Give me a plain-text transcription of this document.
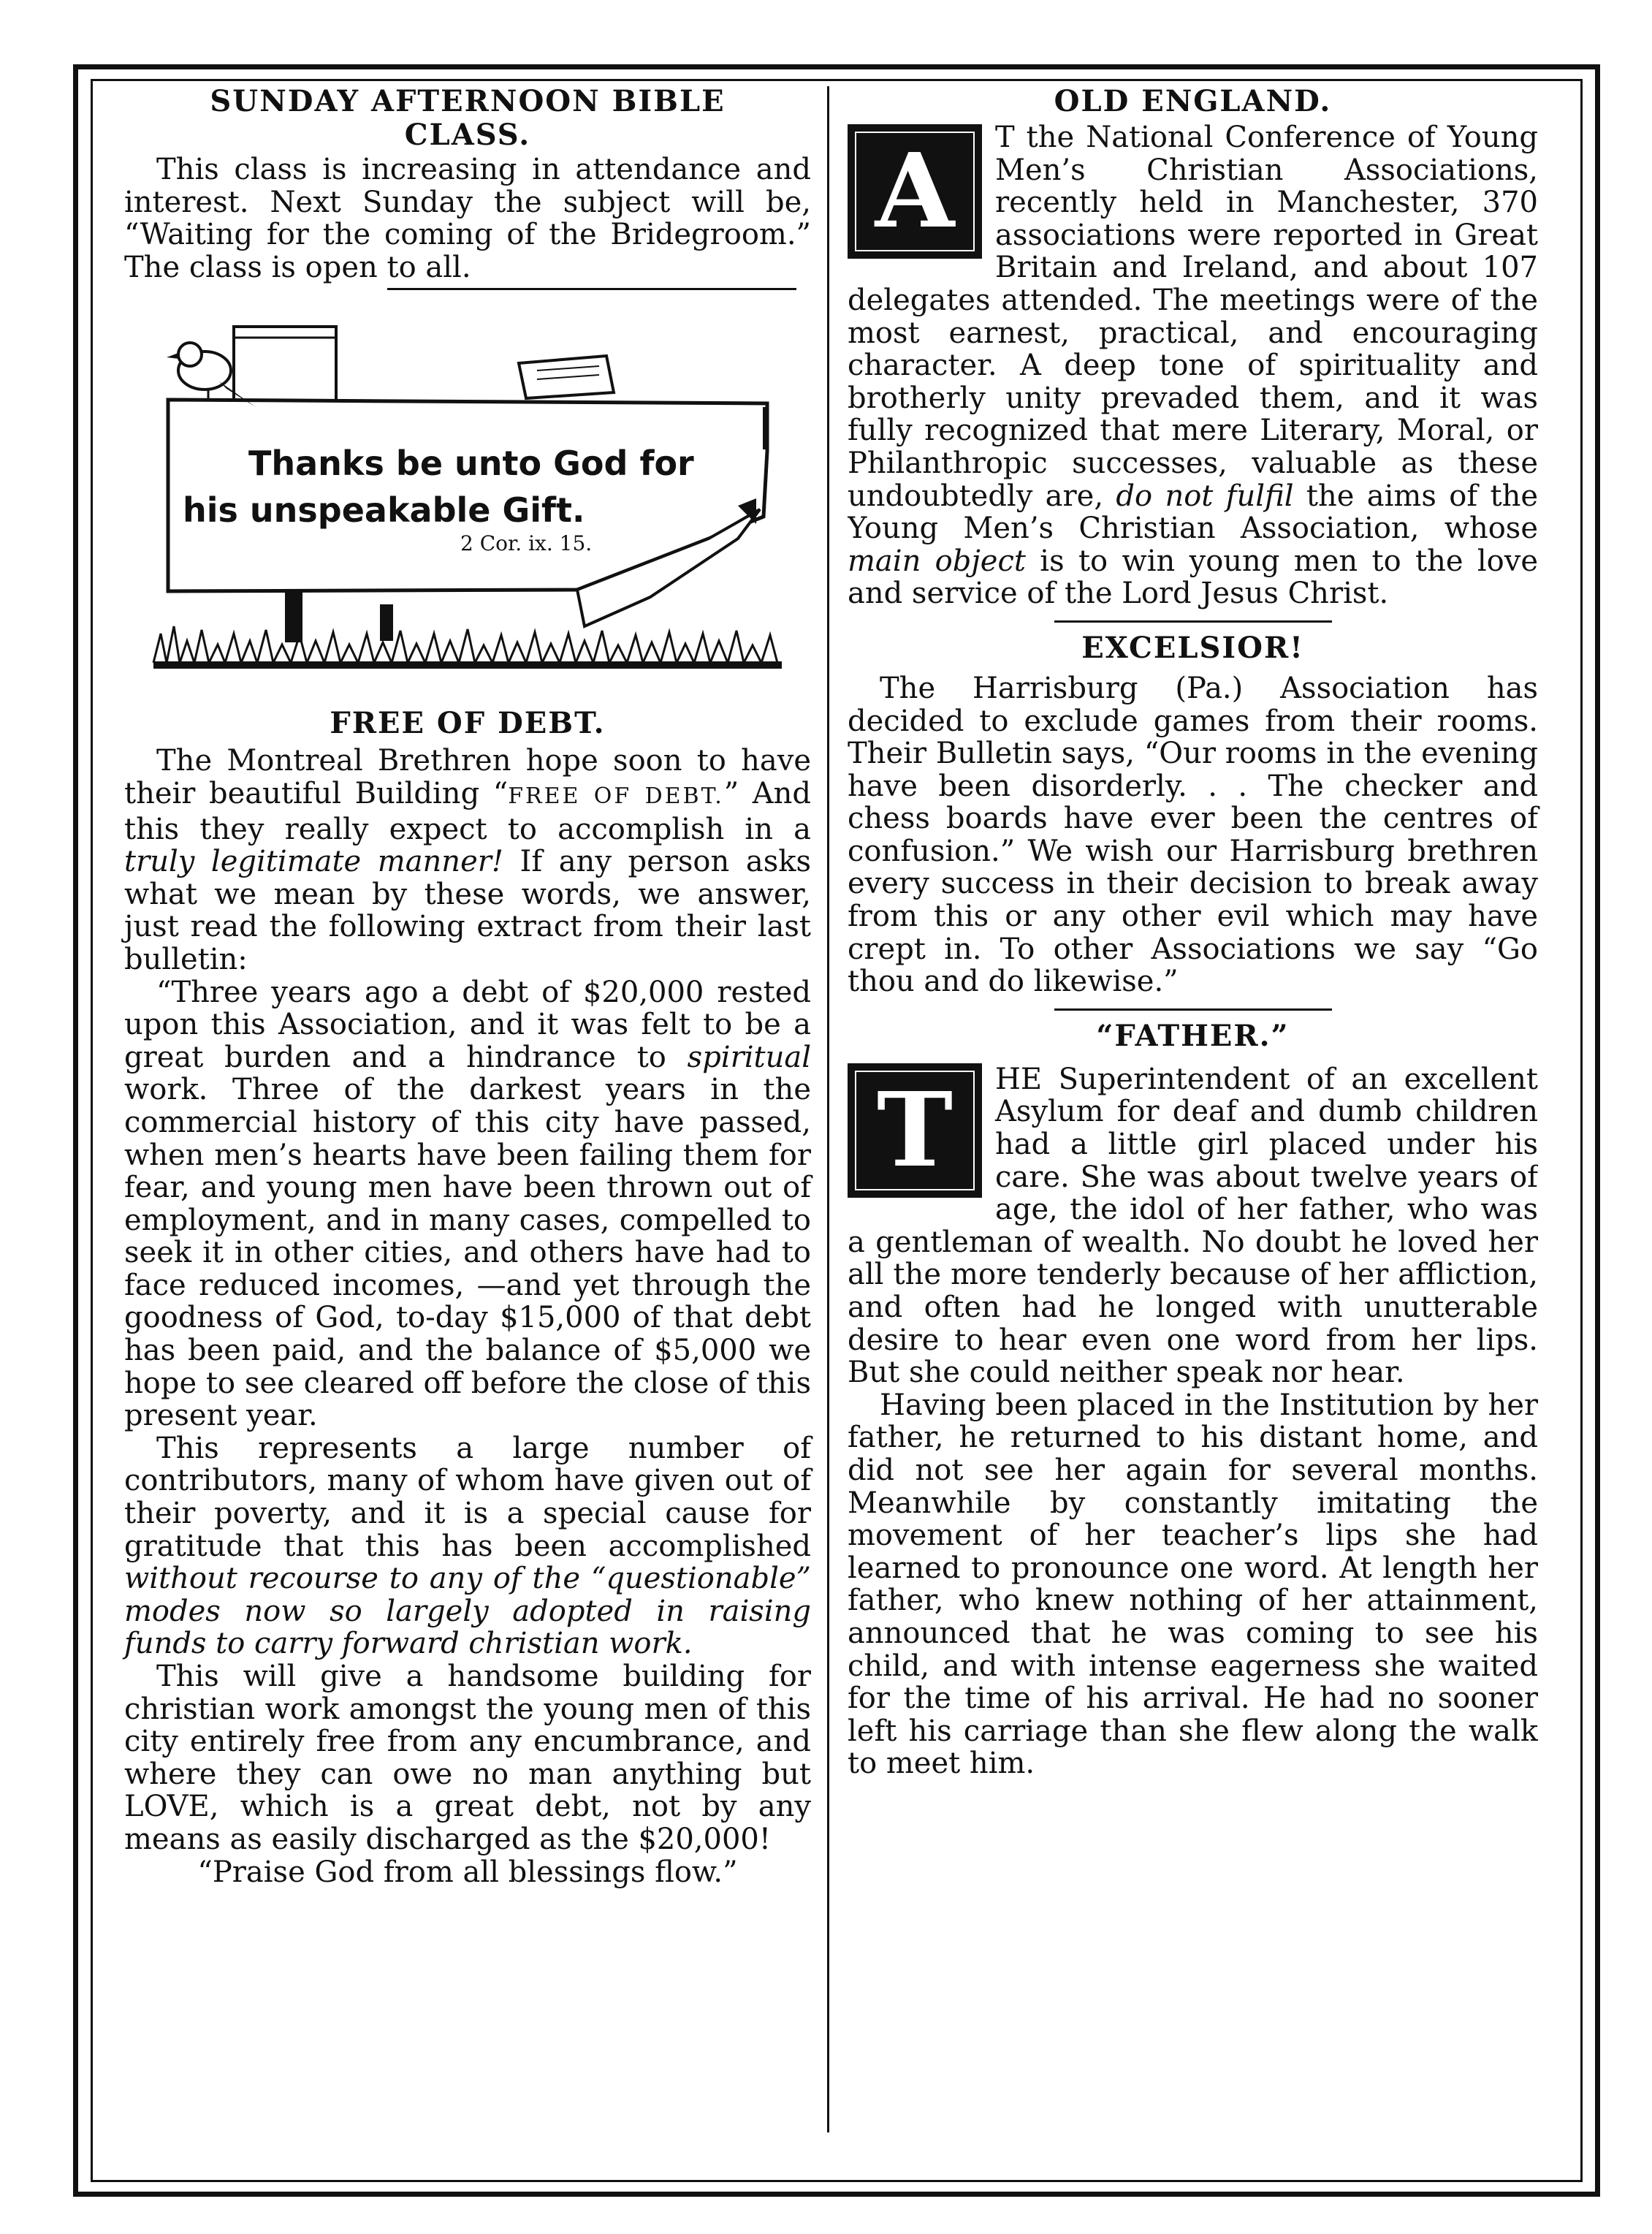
SUNDAY AFTERNOON BIBLE CLASS.

This class is increasing in attendance and interest. Next Sunday the subject will be, “Waiting for the coming of the Bridegroom.” The class is open to all.

Thanks be unto God for
his unspeakable Gift.
2 Cor. ix. 15.
FREE OF DEBT.

The Montreal Brethren hope soon to have their beautiful Building “FREE OF DEBT.” And this they really expect to accomplish in a truly legitimate manner! If any person asks what we mean by these words, we answer, just read the following extract from their last bulletin:

“Three years ago a debt of $20,000 rested upon this Association, and it was felt to be a great burden and a hindrance to spiritual work. Three of the darkest years in the commercial history of this city have passed, when men’s hearts have been failing them for fear, and young men have been thrown out of employment, and in many cases, compelled to seek it in other cities, and others have had to face reduced incomes, —and yet through the goodness of God, to-day $15,000 of that debt has been paid, and the balance of $5,000 we hope to see cleared off before the close of this present year.

This represents a large number of contributors, many of whom have given out of their poverty, and it is a special cause for gratitude that this has been accomplished without recourse to any of the “questionable” modes now so largely adopted in raising funds to carry forward christian work.

This will give a handsome building for christian work amongst the young men of this city entirely free from any encumbrance, and where they can owe no man anything but LOVE, which is a great debt, not by any means as easily discharged as the $20,000!

“Praise God from all blessings flow.”

OLD ENGLAND.
A	T the National Conference of Young Men’s Christian Associations, recently held in Manchester, 370 associations were reported in Great Britain and Ireland, and about 107 delegates attended. The meetings were of the most earnest, practical, and encouraging character. A deep tone of spirituality and brotherly unity prevaded them, and it was fully recognized that mere Literary, Moral, or Philanthropic successes, valuable as these undoubtedly are, do not fulfil the aims of the Young Men’s Christian Association, whose main object is to win young men to the love and service of the Lord Jesus Christ.

EXCELSIOR!

The Harrisburg (Pa.) Association has decided to exclude games from their rooms. Their Bulletin says, “Our rooms in the evening have been disorderly. . . The checker and chess boards have ever been the centres of confusion.” We wish our Harrisburg brethren every success in their decision to break away from this or any other evil which may have crept in. To other Associations we say “Go thou and do likewise.”

“FATHER.”
T	HE Superintendent of an excellent Asylum for deaf and dumb children had a little girl placed under his care. She was about twelve years of age, the idol of her father, who was a gentleman of wealth. No doubt he loved her all the more tenderly because of her affliction, and often had he longed with unutterable desire to hear even one word from her lips. But she could neither speak nor hear.

Having been placed in the Institution by her father, he returned to his distant home, and did not see her again for several months. Meanwhile by constantly imitating the movement of her teacher’s lips she had learned to pronounce one word. At length her father, who knew nothing of her attainment, announced that he was coming to see his child, and with intense eagerness she waited for the time of his arrival. He had no sooner left his carriage than she flew along the walk to meet him.
